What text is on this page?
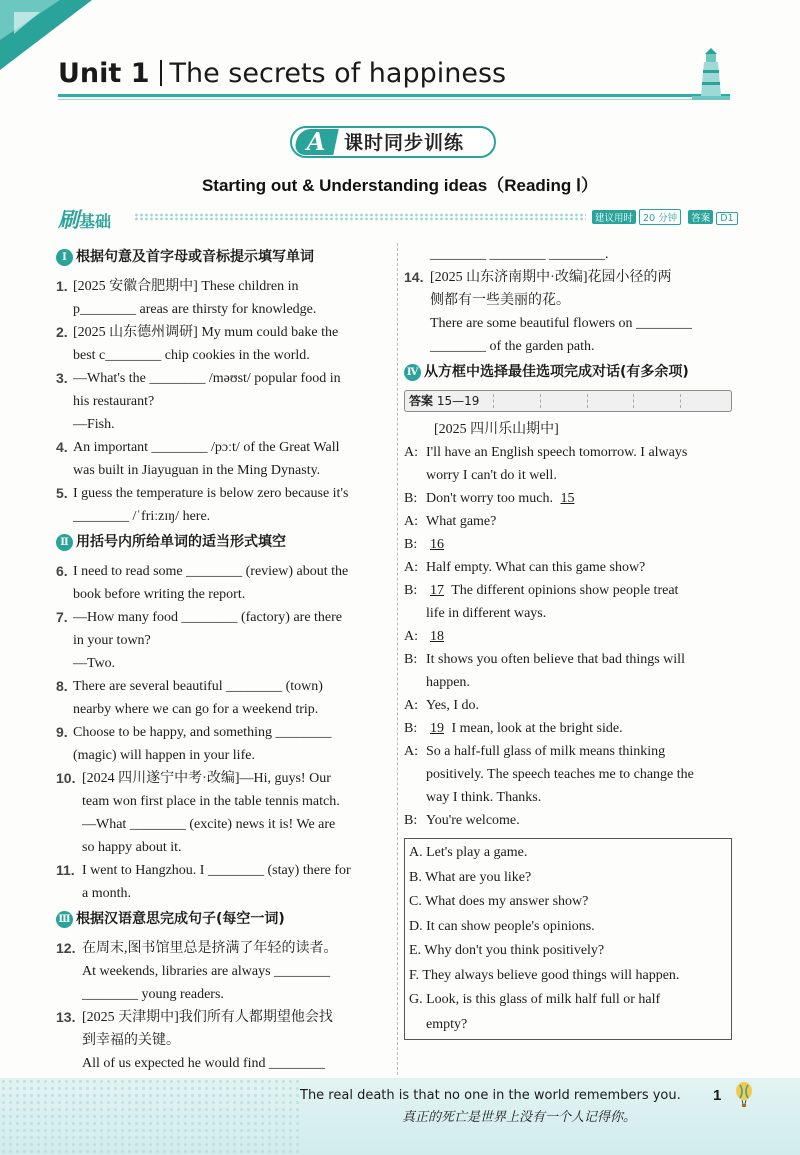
Unit 1 The secrets of happiness
A 课时同步训练
Starting out & Understanding ideas（Reading Ⅰ）
刷基础	建议用时 20 分钟 答案 D1
Ⅰ 根据句意及首字母或音标提示填写单词
1. [2025 安徽合肥期中] These children in
p________ areas are thirsty for knowledge.
2. [2025 山东德州调研] My mum could bake the
best c________ chip cookies in the world.
3. —What's the ________ /məʊst/ popular food in
his restaurant?
—Fish.
4. An important ________ /pɔːt/ of the Great Wall
was built in Jiayuguan in the Ming Dynasty.
5. I guess the temperature is below zero because it's
________ /ˈfriːzɪŋ/ here.
Ⅱ 用括号内所给单词的适当形式填空
6. I need to read some ________ (review) about the
book before writing the report.
7. —How many food ________ (factory) are there
in your town?
—Two.
8. There are several beautiful ________ (town)
nearby where we can go for a weekend trip.
9. Choose to be happy, and something ________
(magic) will happen in your life.
10. [2024 四川遂宁中考·改编]—Hi, guys! Our
team won first place in the table tennis match.
—What ________ (excite) news it is! We are
so happy about it.
11. I went to Hangzhou. I ________ (stay) there for
a month.
Ⅲ 根据汉语意思完成句子(每空一词)
12. 在周末,图书馆里总是挤满了年轻的读者。
At weekends, libraries are always ________
________ young readers.
13. [2025 天津期中]我们所有人都期望他会找
到幸福的关键。
All of us expected he would find ________
________ ________ ________.
14. [2025 山东济南期中·改编]花园小径的两
侧都有一些美丽的花。
There are some beautiful flowers on ________
________ of the garden path.
Ⅳ 从方框中选择最佳选项完成对话(有多余项)
答案 15—19
[2025 四川乐山期中]
A: I'll have an English speech tomorrow. I always
worry I can't do it well.
B: Don't worry too much. 15
A: What game?
B: 16
A: Half empty. What can this game show?
B: 17 The different opinions show people treat
life in different ways.
A: 18
B: It shows you often believe that bad things will
happen.
A: Yes, I do.
B: 19 I mean, look at the bright side.
A: So a half-full glass of milk means thinking
positively. The speech teaches me to change the
way I think. Thanks.
B: You're welcome.
A. Let's play a game.
B. What are you like?
C. What does my answer show?
D. It can show people's opinions.
E. Why don't you think positively?
F. They always believe good things will happen.
G. Look, is this glass of milk half full or half
empty?
The real death is that no one in the world remembers you.
真正的死亡是世界上没有一个人记得你。
1
